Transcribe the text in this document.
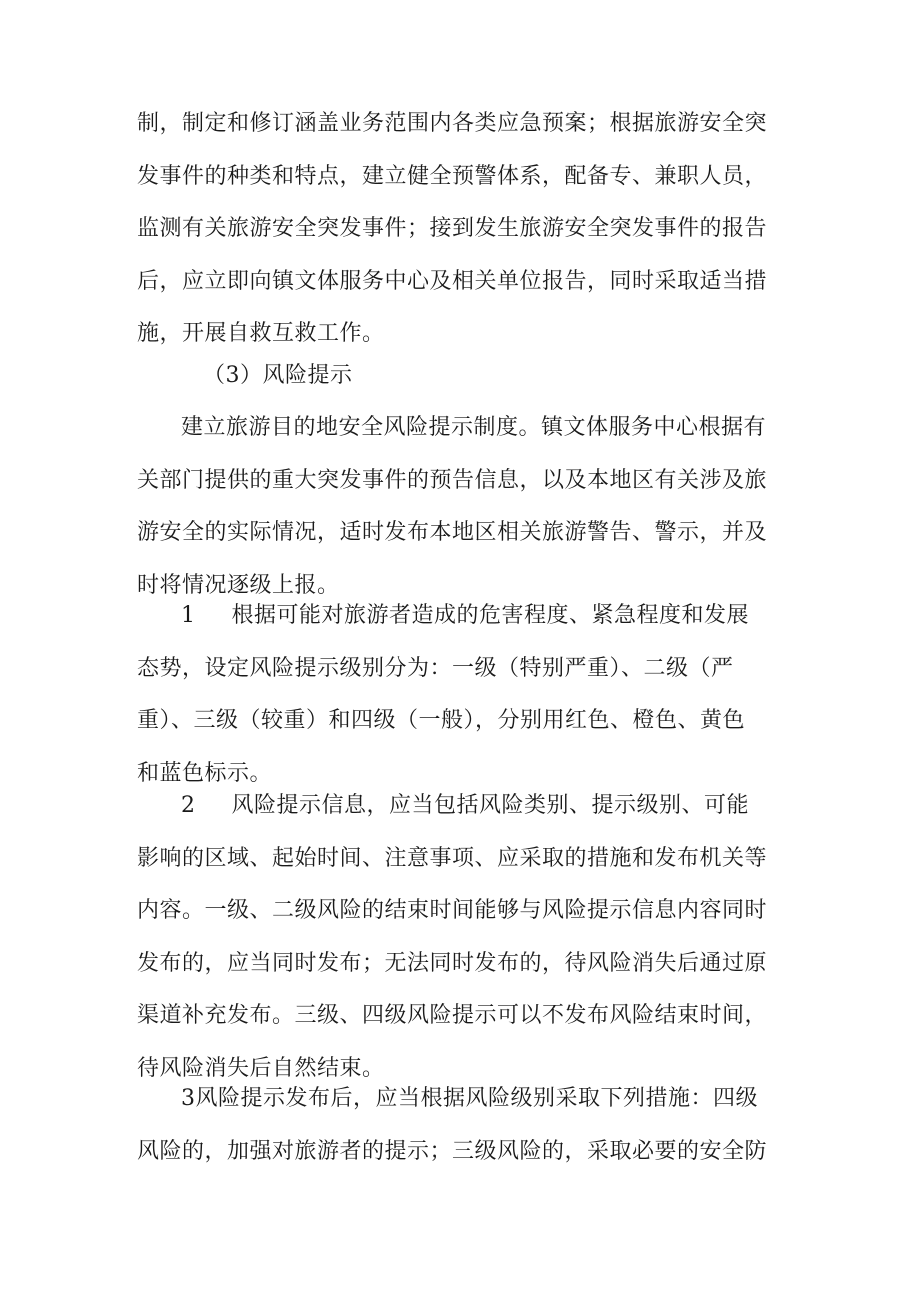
制，制定和修订涵盖业务范围内各类应急预案；根据旅游安全突
发事件的种类和特点，建立健全预警体系，配备专、兼职人员，
监测有关旅游安全突发事件；接到发生旅游安全突发事件的报告
后，应立即向镇文体服务中心及相关单位报告，同时采取适当措
施，开展自救互救工作。
（3）风险提示
建立旅游目的地安全风险提示制度。镇文体服务中心根据有
关部门提供的重大突发事件的预告信息，以及本地区有关涉及旅
游安全的实际情况，适时发布本地区相关旅游警告、警示，并及
时将情况逐级上报。
1 根据可能对旅游者造成的危害程度、紧急程度和发展
态势，设定风险提示级别分为：一级（特别严重）、二级（严
重）、三级（较重）和四级（一般），分别用红色、橙色、黄色
和蓝色标示。
2 风险提示信息，应当包括风险类别、提示级别、可能
影响的区域、起始时间、注意事项、应采取的措施和发布机关等
内容。一级、二级风险的结束时间能够与风险提示信息内容同时
发布的，应当同时发布；无法同时发布的，待风险消失后通过原
渠道补充发布。三级、四级风险提示可以不发布风险结束时间，
待风险消失后自然结束。
3风险提示发布后，应当根据风险级别采取下列措施：四级
风险的，加强对旅游者的提示；三级风险的，采取必要的安全防
